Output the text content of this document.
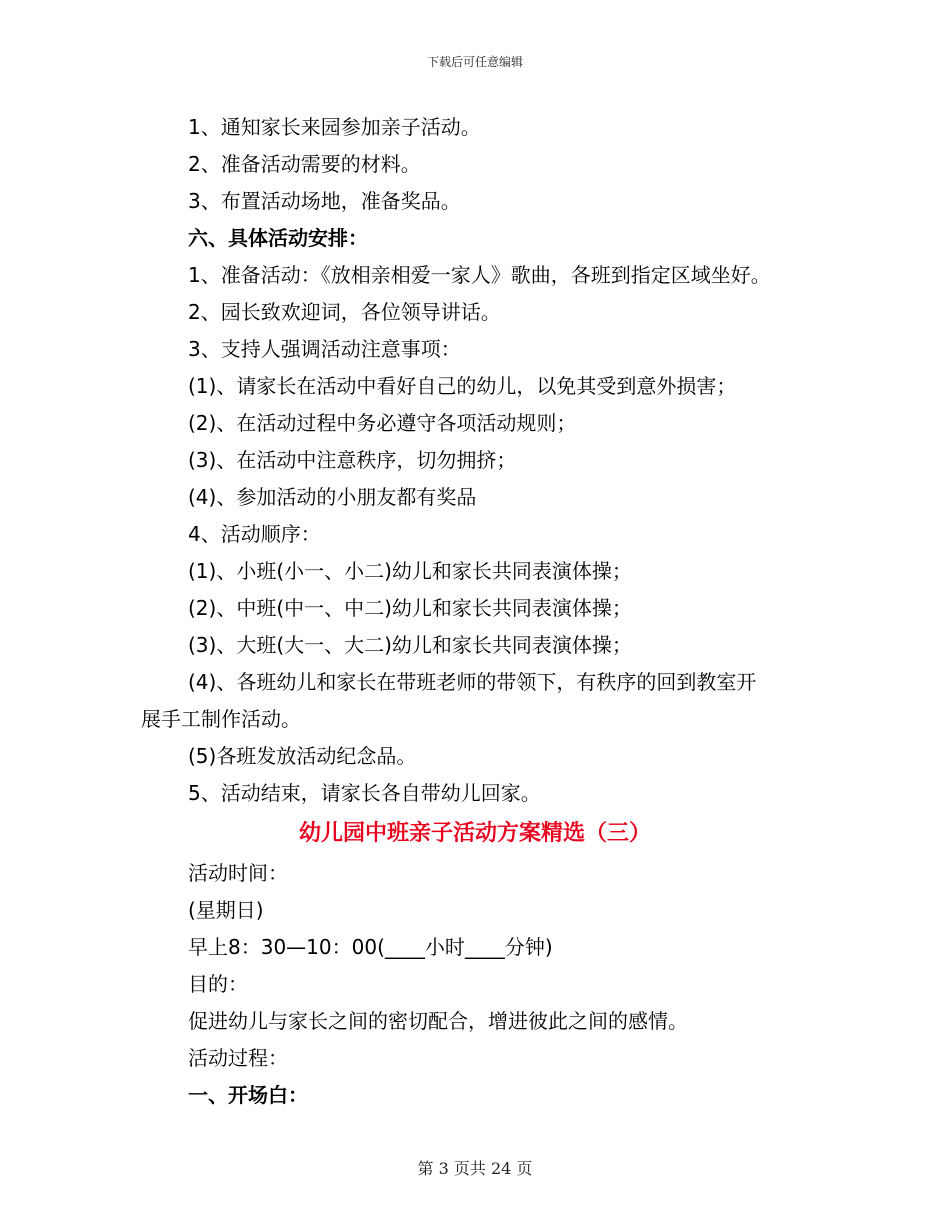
下载后可任意编辑
1、通知家长来园参加亲子活动。
2、准备活动需要的材料。
3、布置活动场地，准备奖品。
六、具体活动安排：
1、准备活动：《放相亲相爱一家人》歌曲，各班到指定区域坐好。
2、园长致欢迎词，各位领导讲话。
3、支持人强调活动注意事项：
(1)、请家长在活动中看好自己的幼儿，以免其受到意外损害；
(2)、在活动过程中务必遵守各项活动规则；
(3)、在活动中注意秩序，切勿拥挤；
(4)、参加活动的小朋友都有奖品
4、活动顺序：
(1)、小班(小一、小二)幼儿和家长共同表演体操；
(2)、中班(中一、中二)幼儿和家长共同表演体操；
(3)、大班(大一、大二)幼儿和家长共同表演体操；
(4)、各班幼儿和家长在带班老师的带领下，有秩序的回到教室开
展手工制作活动。
(5)各班发放活动纪念品。
5、活动结束，请家长各自带幼儿回家。
幼儿园中班亲子活动方案精选（三）
活动时间：
(星期日)
早上8：30—10：00(____小时____分钟)
目的：
促进幼儿与家长之间的密切配合，增进彼此之间的感情。
活动过程：
一、开场白：
第 3 页共 24 页
